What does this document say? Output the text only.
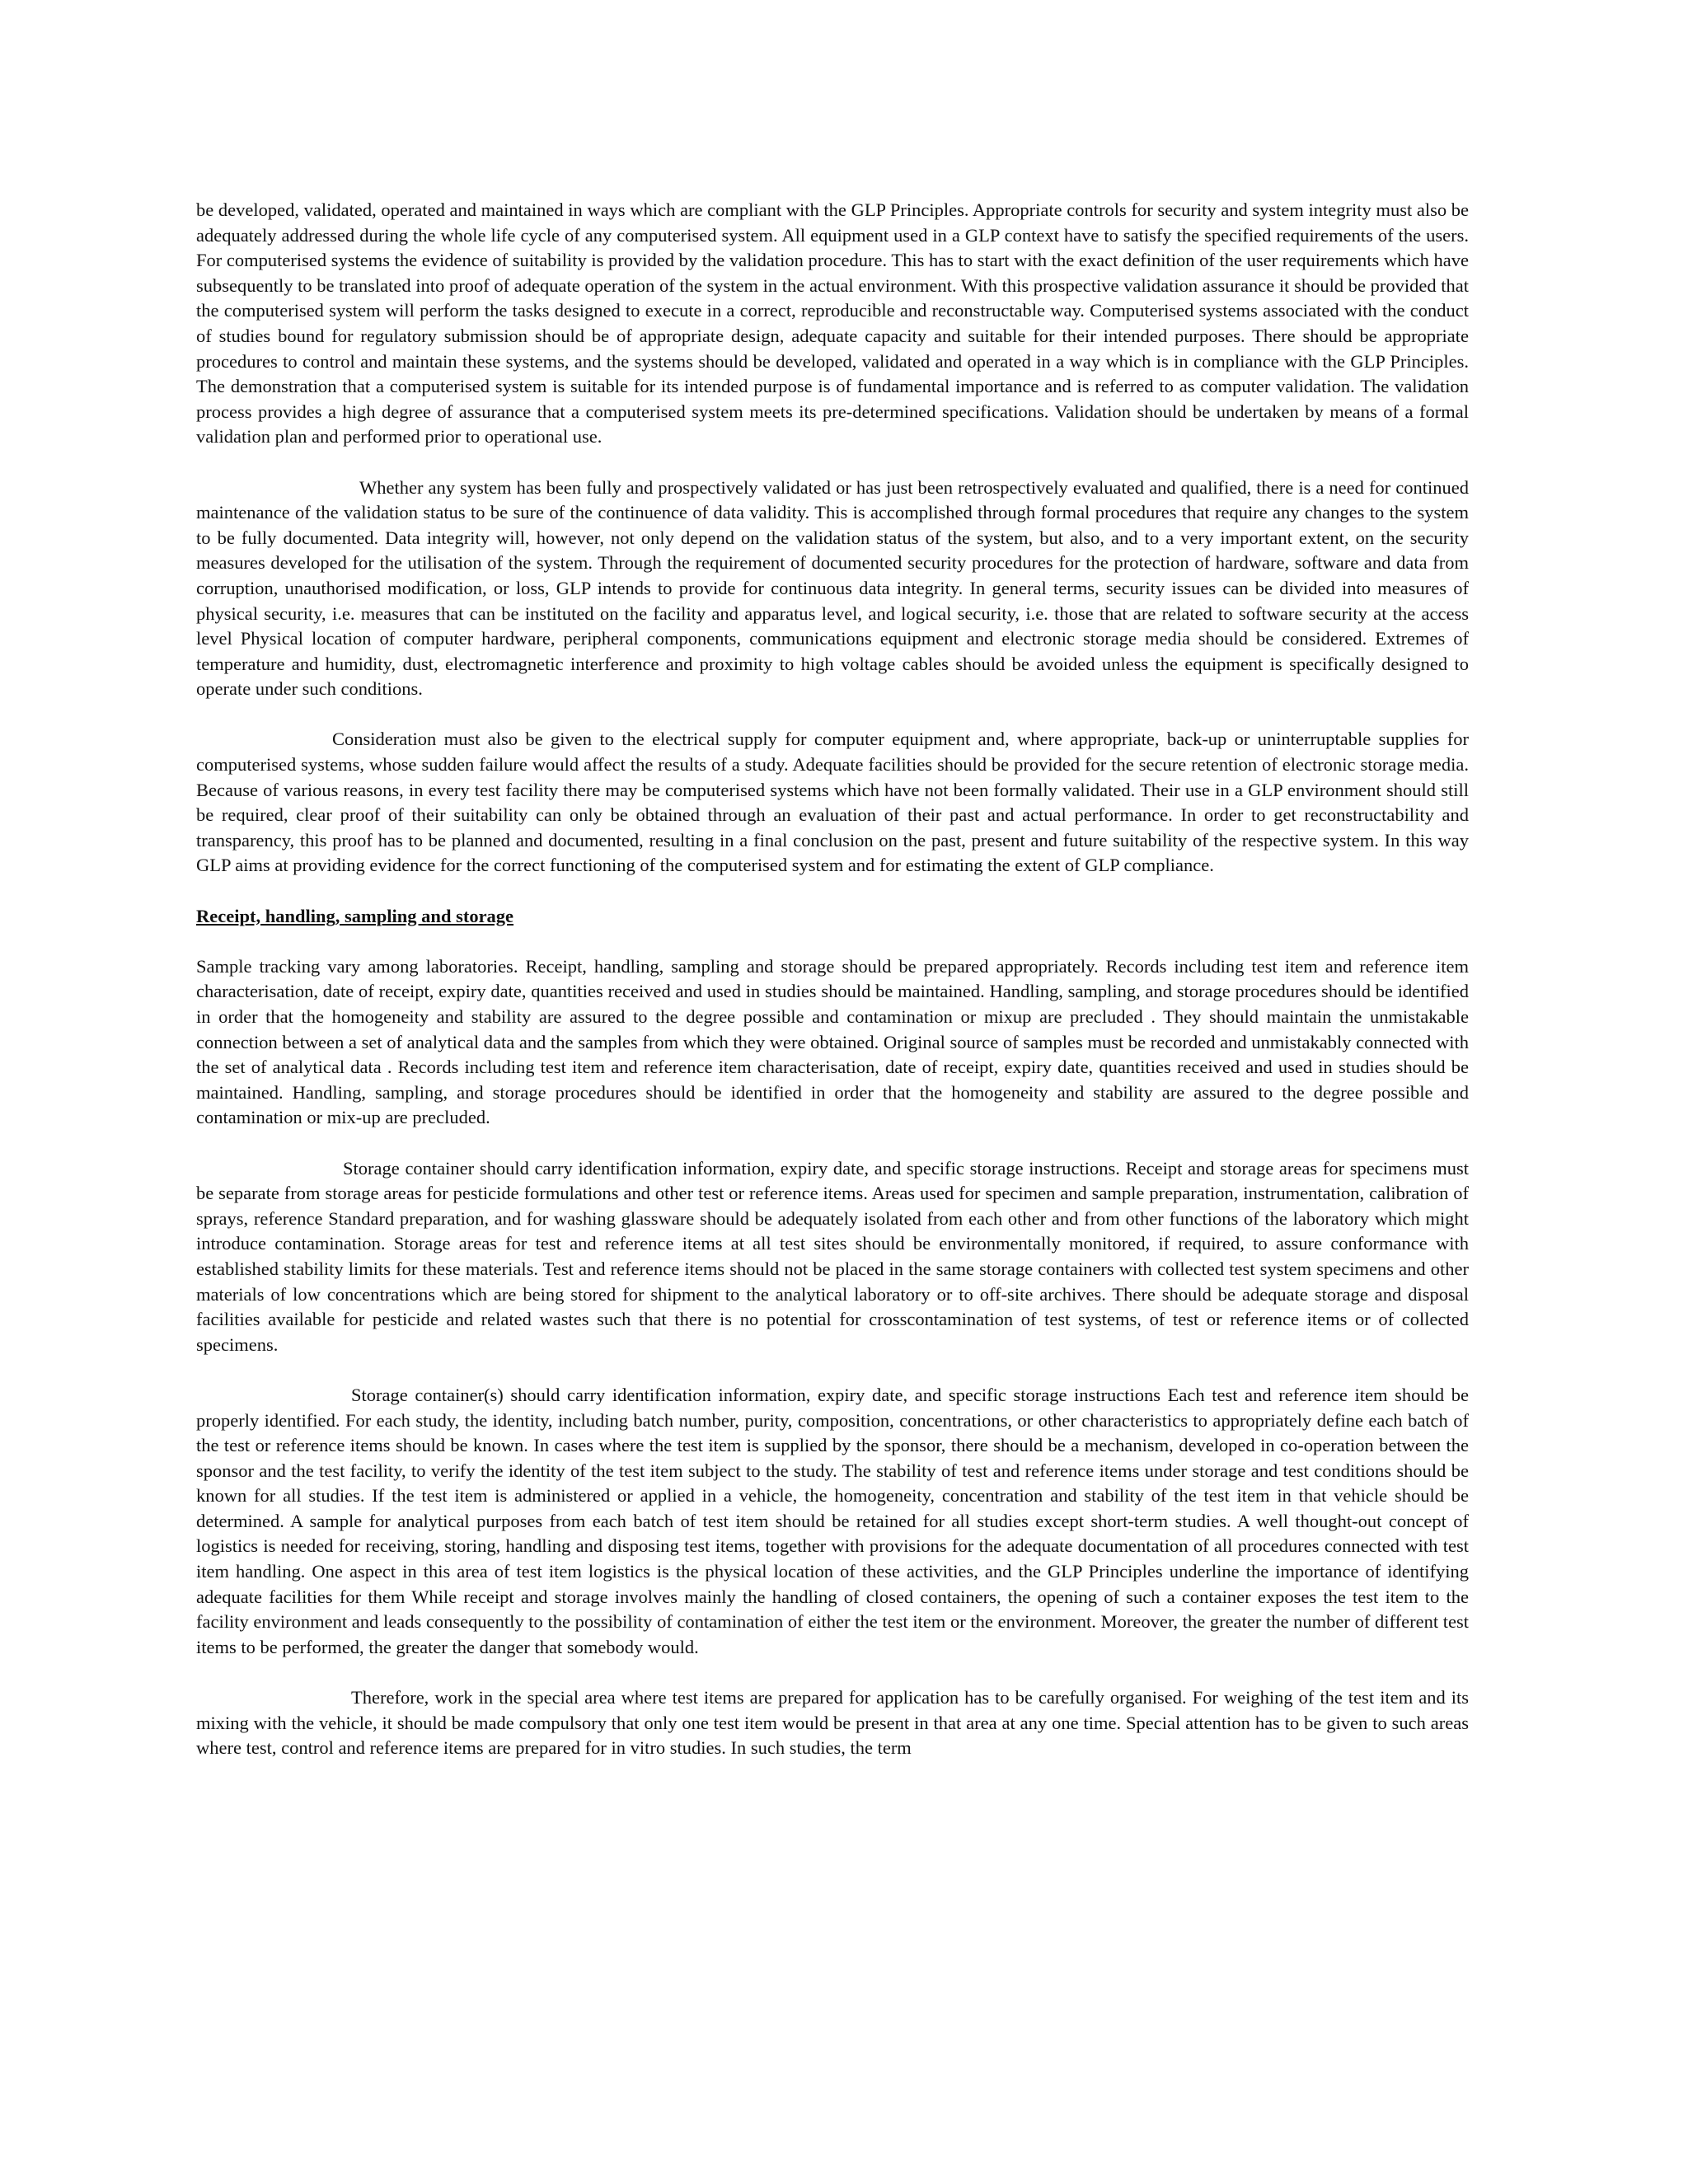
be developed, validated, operated and maintained in ways which are compliant with the GLP Principles. Appropriate controls for security and system integrity must also be adequately addressed during the whole life cycle of any computerised system. All equipment used in a GLP context have to satisfy the specified requirements of the users. For computerised systems the evidence of suitability is provided by the validation procedure. This has to start with the exact definition of the user requirements which have subsequently to be translated into proof of adequate operation of the system in the actual environment. With this prospective validation assurance it should be provided that the computerised system will perform the tasks designed to execute in a correct, reproducible and reconstructable way. Computerised systems associated with the conduct of studies bound for regulatory submission should be of appropriate design, adequate capacity and suitable for their intended purposes. There should be appropriate procedures to control and maintain these systems, and the systems should be developed, validated and operated in a way which is in compliance with the GLP Principles. The demonstration that a computerised system is suitable for its intended purpose is of fundamental importance and is referred to as computer validation. The validation process provides a high degree of assurance that a computerised system meets its pre-determined specifications. Validation should be undertaken by means of a formal validation plan and performed prior to operational use.

Whether any system has been fully and prospectively validated or has just been retrospectively evaluated and qualified, there is a need for continued maintenance of the validation status to be sure of the continuence of data validity. This is accomplished through formal procedures that require any changes to the system to be fully documented. Data integrity will, however, not only depend on the validation status of the system, but also, and to a very important extent, on the security measures developed for the utilisation of the system. Through the requirement of documented security procedures for the protection of hardware, software and data from corruption, unauthorised modification, or loss, GLP intends to provide for continuous data integrity. In general terms, security issues can be divided into measures of physical security, i.e. measures that can be instituted on the facility and apparatus level, and logical security, i.e. those that are related to software security at the access level Physical location of computer hardware, peripheral components, communications equipment and electronic storage media should be considered. Extremes of temperature and humidity, dust, electromagnetic interference and proximity to high voltage cables should be avoided unless the equipment is specifically designed to operate under such conditions.

Consideration must also be given to the electrical supply for computer equipment and, where appropriate, back-up or uninterruptable supplies for computerised systems, whose sudden failure would affect the results of a study. Adequate facilities should be provided for the secure retention of electronic storage media. Because of various reasons, in every test facility there may be computerised systems which have not been formally validated. Their use in a GLP environment should still be required, clear proof of their suitability can only be obtained through an evaluation of their past and actual performance. In order to get reconstructability and transparency, this proof has to be planned and documented, resulting in a final conclusion on the past, present and future suitability of the respective system. In this way GLP aims at providing evidence for the correct functioning of the computerised system and for estimating the extent of GLP compliance.

Receipt, handling, sampling and storage

Sample tracking vary among laboratories. Receipt, handling, sampling and storage should be prepared appropriately. Records including test item and reference item characterisation, date of receipt, expiry date, quantities received and used in studies should be maintained. Handling, sampling, and storage procedures should be identified in order that the homogeneity and stability are assured to the degree possible and contamination or mixup are precluded . They should maintain the unmistakable connection between a set of analytical data and the samples from which they were obtained. Original source of samples must be recorded and unmistakably connected with the set of analytical data . Records including test item and reference item characterisation, date of receipt, expiry date, quantities received and used in studies should be maintained. Handling, sampling, and storage procedures should be identified in order that the homogeneity and stability are assured to the degree possible and contamination or mix-up are precluded.

Storage container should carry identification information, expiry date, and specific storage instructions. Receipt and storage areas for specimens must be separate from storage areas for pesticide formulations and other test or reference items. Areas used for specimen and sample preparation, instrumentation, calibration of sprays, reference Standard preparation, and for washing glassware should be adequately isolated from each other and from other functions of the laboratory which might introduce contamination. Storage areas for test and reference items at all test sites should be environmentally monitored, if required, to assure conformance with established stability limits for these materials. Test and reference items should not be placed in the same storage containers with collected test system specimens and other materials of low concentrations which are being stored for shipment to the analytical laboratory or to off-site archives. There should be adequate storage and disposal facilities available for pesticide and related wastes such that there is no potential for crosscontamination of test systems, of test or reference items or of collected specimens.

Storage container(s) should carry identification information, expiry date, and specific storage instructions Each test and reference item should be properly identified. For each study, the identity, including batch number, purity, composition, concentrations, or other characteristics to appropriately define each batch of the test or reference items should be known. In cases where the test item is supplied by the sponsor, there should be a mechanism, developed in co-operation between the sponsor and the test facility, to verify the identity of the test item subject to the study. The stability of test and reference items under storage and test conditions should be known for all studies. If the test item is administered or applied in a vehicle, the homogeneity, concentration and stability of the test item in that vehicle should be determined. A sample for analytical purposes from each batch of test item should be retained for all studies except short-term studies. A well thought-out concept of logistics is needed for receiving, storing, handling and disposing test items, together with provisions for the adequate documentation of all procedures connected with test item handling. One aspect in this area of test item logistics is the physical location of these activities, and the GLP Principles underline the importance of identifying adequate facilities for them While receipt and storage involves mainly the handling of closed containers, the opening of such a container exposes the test item to the facility environment and leads consequently to the possibility of contamination of either the test item or the environment. Moreover, the greater the number of different test items to be performed, the greater the danger that somebody would.

Therefore, work in the special area where test items are prepared for application has to be carefully organised. For weighing of the test item and its mixing with the vehicle, it should be made compulsory that only one test item would be present in that area at any one time. Special attention has to be given to such areas where test, control and reference items are prepared for in vitro studies. In such studies, the term
